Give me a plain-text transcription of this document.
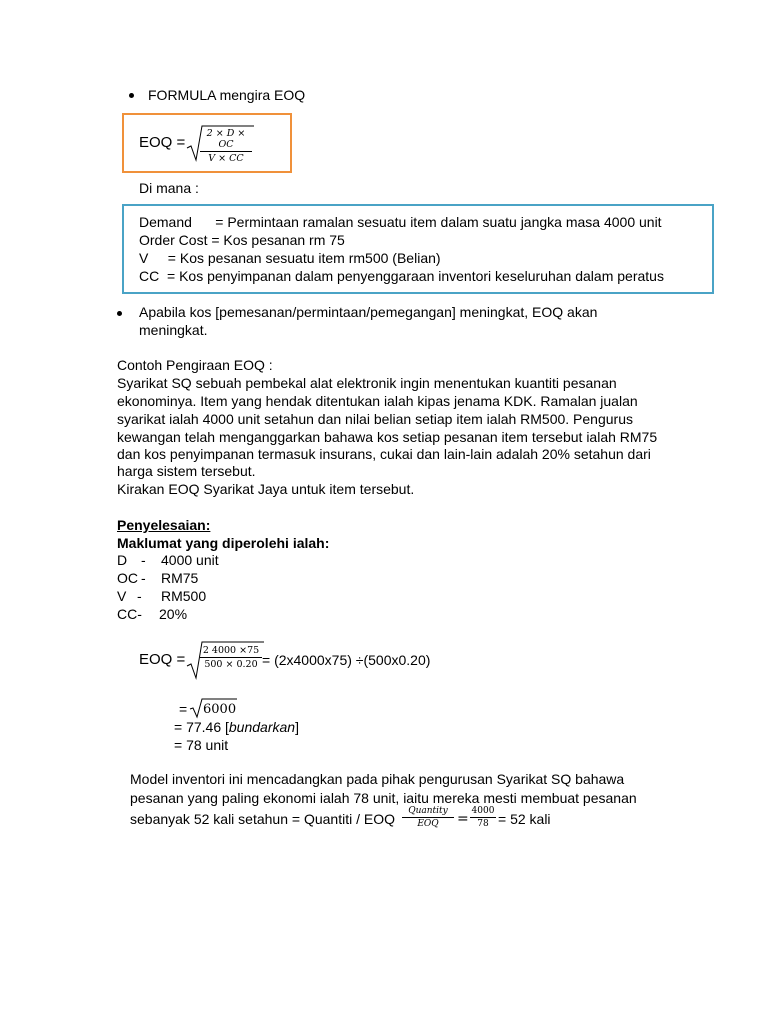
FORMULA mengira EOQ
EOQ =
2 × D × OC
V × CC
Di mana :
Demand      = Permintaan ramalan sesuatu item dalam suatu jangka masa 4000 unit
Order Cost = Kos pesanan rm 75
V     = Kos pesanan sesuatu item rm500 (Belian)
CC  = Kos penyimpanan dalam penyenggaraan inventori keseluruhan dalam peratus
Apabila kos [pemesanan/permintaan/pemegangan] meningkat, EOQ akan
meningkat.
Contoh Pengiraan EOQ :
Syarikat SQ sebuah pembekal alat elektronik ingin menentukan kuantiti pesanan
ekonominya. Item yang hendak ditentukan ialah kipas jenama KDK. Ramalan jualan
syarikat ialah 4000 unit setahun dan nilai belian setiap item ialah RM500. Pengurus
kewangan telah menganggarkan bahawa kos setiap pesanan item tersebut ialah RM75
dan kos penyimpanan termasuk insurans, cukai dan lain-lain adalah 20% setahun dari
harga sistem tersebut.
Kirakan EOQ Syarikat Jaya untuk item tersebut.
Penyelesaian:
Maklumat yang diperolehi ialah:
D - 4000 unit
OC - RM75
V - RM500
CC- 20%
EOQ =
2 4000 ×75
500 × 0.20 = (2x4000x75) ÷(500x0.20)
= 6000
= 77.46 [bundarkan]
= 78 unit
Model inventori ini mencadangkan pada pihak pengurusan Syarikat SQ bahawa
pesanan yang paling ekonomi ialah 78 unit, iaitu mereka mesti membuat pesanan
sebanyak 52 kali setahun = Quantiti / EOQ	Quantity
EOQ	= 4000
78 = 52 kali
